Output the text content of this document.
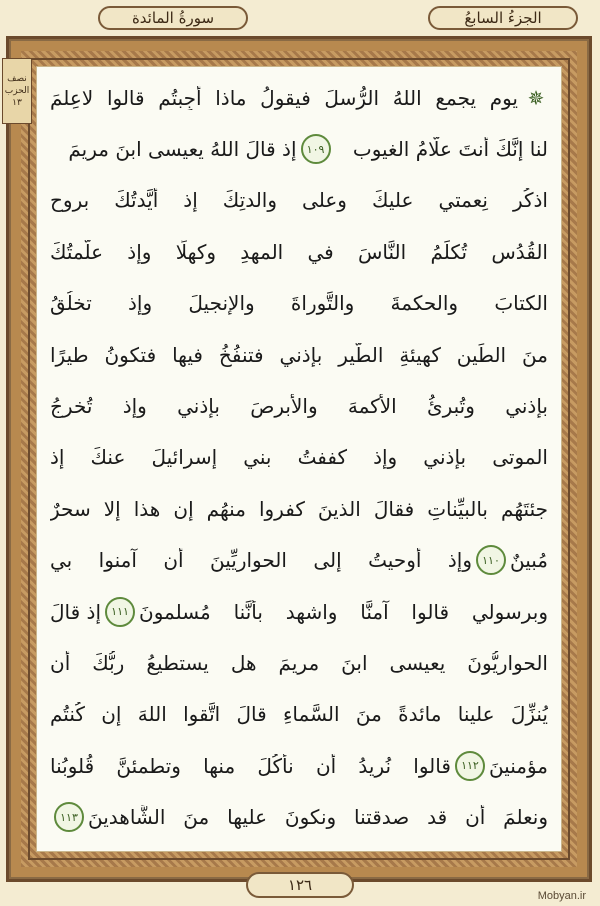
سورةُ المائدة	الجزءُ السابعُ
نصف
الحزب
١٣	✵
يوم يجمع اللهُ الرُّسلَ فيقولُ ماذا أُجِبتُم قالوا لاعِلمَ
لنا إنَّكَ أنتَ علَّامُ الغيوب
١٠٩
إذ قالَ اللهُ يعيسى ابنَ مريمَ
اذكُر نِعمتي عليكَ وعلى والدتِكَ إذ أيَّدتُكَ بروحِ
القُدُسِ تُكلِّمُ النَّاسَ في المهدِ وكهلًا وإذ علَّمتُكَ
الكتابَ والحكمةَ والتَّوراةَ والإنجيلَ وإذ تخلُقُ
منَ الطِّينِ كهيئةِ الطَّيرِ بإذني فتنفُخُ فيها فتكونُ طيرًا
بإذني وتُبرئُ الأكمهَ والأبرصَ بإذني وإذ تُخرِجُ
الموتى بإذني وإذ كففتُ بني إسرائيلَ عنكَ إذ
جئتَهُم بالبيِّناتِ فقالَ الذينَ كفروا منهُم إن هذا إلا سحرٌ
مُبينٌ
١١٠
وإذ أوحيتُ إلى الحواريِّينَ أن آمنوا بي
وبرسولي قالوا آمنَّا واشهد بأنَّنا مُسلمونَ
١١١
إذ قالَ
الحواريُّونَ يعيسى ابنَ مريمَ هل يستطيعُ ربُّكَ أن
يُنزِّلَ علينا مائدةً منَ السَّماءِ قالَ اتَّقوا اللهَ إن كُنتُم
مؤمنينَ
١١٢
قالوا نُريدُ أن نأكُلَ منها وتطمئنَّ قُلوبُنا
ونعلمَ أن قد صدقتنا ونكونَ عليها منَ الشَّاهدينَ
١١٣
١٢٦
Mobyan.ir
